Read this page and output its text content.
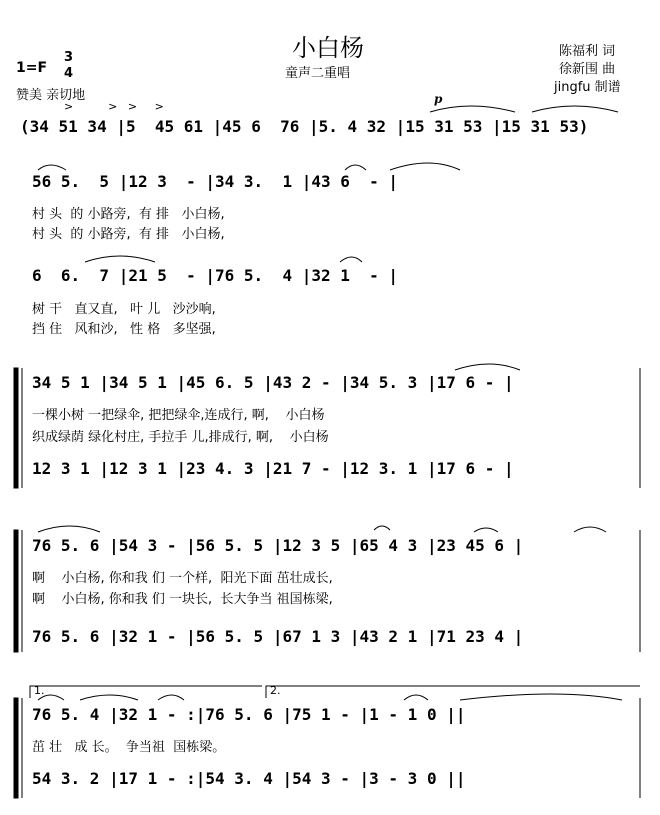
小白杨
童声二重唱
1=F
3
4
赞美 亲切地
陈福利 词
徐新围 曲
jingfu 制谱
>          >   >     >
p
(34 51 34 |5  45 61 |45 6  76 |5. 4 32 |15 31 53 |15 31 53)
56 5.  5 |12 3  - |34 3.  1 |43 6  - |
村 头  的 小路旁,  有 排   小白杨,
村 头  的 小路旁,  有 排   小白杨,
6  6.  7 |21 5  - |76 5.  4 |32 1  - |
树 干   直又直,   叶 儿   沙沙响,
挡 住   风和沙,   性 格   多坚强,
34 5 1 |34 5 1 |45 6. 5 |43 2 - |34 5. 3 |17 6 - |
一棵小树 一把绿伞, 把把绿伞,连成行, 啊,    小白杨
织成绿荫 绿化村庄, 手拉手 儿,排成行, 啊,    小白杨
12 3 1 |12 3 1 |23 4. 3 |21 7 - |12 3. 1 |17 6 - |
76 5. 6 |54 3 - |56 5. 5 |12 3 5 |65 4 3 |23 45 6 |
啊    小白杨, 你和我 们 一个样,  阳光下面 茁壮成长,
啊    小白杨, 你和我 们 一块长,  长大争当 祖国栋梁,
76 5. 6 |32 1 - |56 5. 5 |67 1 3 |43 2 1 |71 23 4 |
1.	2.
76 5. 4 |32 1 - :|76 5. 6 |75 1 - |1 - 1 0 ||
茁 壮   成 长。  争当祖  国栋梁。
54 3. 2 |17 1 - :|54 3. 4 |54 3 - |3 - 3 0 ||
